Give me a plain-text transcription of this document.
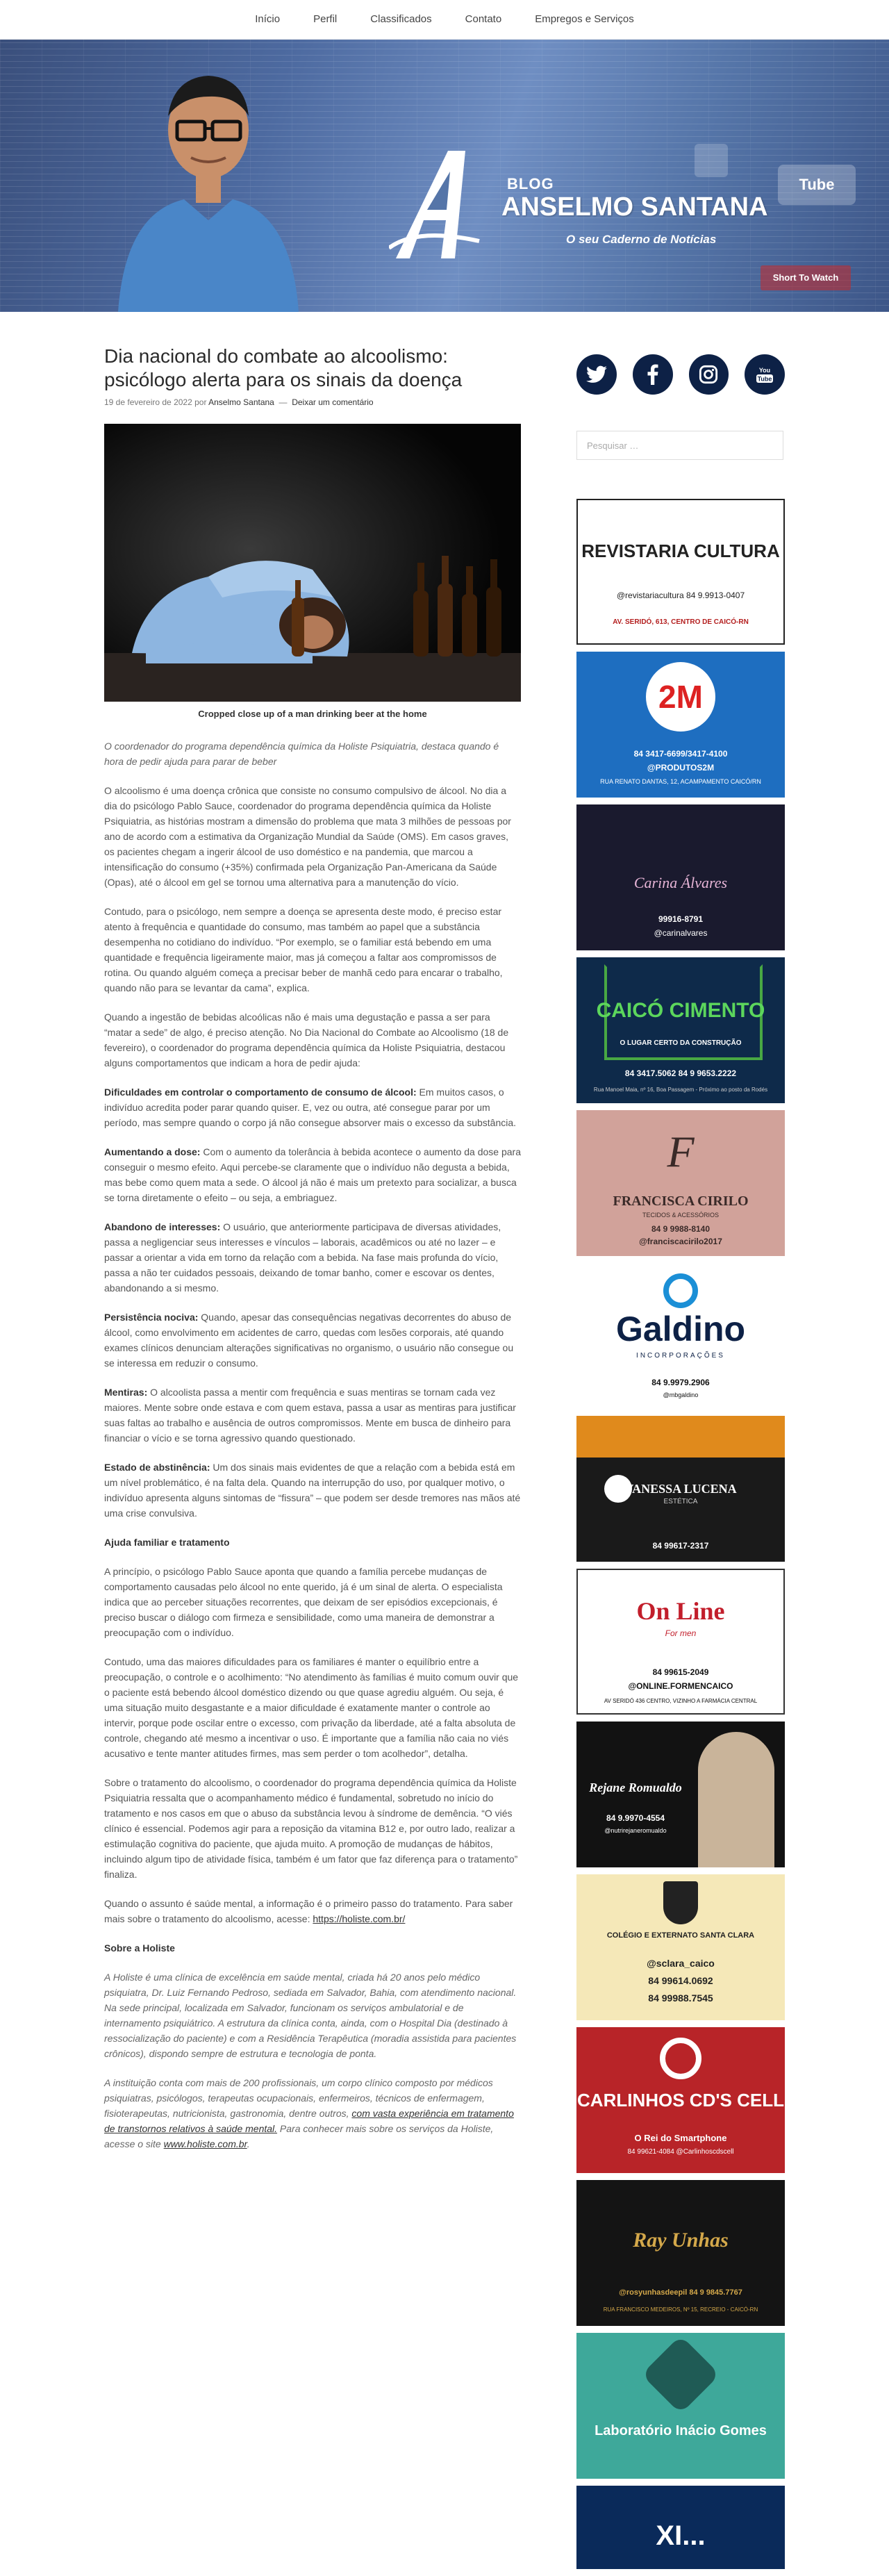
Início	Perfil	Classificados	Contato	Empregos e Serviços
BLOG
ANSELMO SANTANA
O seu Caderno de Notícias
Tube
Short To Watch
Dia nacional do combate ao alcoolismo: psicólogo alerta para os sinais da doença
19 de fevereiro de 2022 por Anselmo Santana — Deixar um comentário
Cropped close up of a man drinking beer at the home

O coordenador do programa dependência química da Holiste Psiquiatria, destaca quando é hora de pedir ajuda para parar de beber

O alcoolismo é uma doença crônica que consiste no consumo compulsivo de álcool. No dia a dia do psicólogo Pablo Sauce, coordenador do programa dependência química da Holiste Psiquiatria, as histórias mostram a dimensão do problema que mata 3 milhões de pessoas por ano de acordo com a estimativa da Organização Mundial da Saúde (OMS). Em casos graves, os pacientes chegam a ingerir álcool de uso doméstico e na pandemia, que marcou a intensificação do consumo (+35%) confirmada pela Organização Pan-Americana da Saúde (Opas), até o álcool em gel se tornou uma alternativa para a manutenção do vício.

Contudo, para o psicólogo, nem sempre a doença se apresenta deste modo, é preciso estar atento à frequência e quantidade do consumo, mas também ao papel que a substância desempenha no cotidiano do indivíduo. “Por exemplo, se o familiar está bebendo em uma quantidade e frequência ligeiramente maior, mas já começou a faltar aos compromissos de rotina. Ou quando alguém começa a precisar beber de manhã cedo para encarar o trabalho, quando não para se levantar da cama”, explica.

Quando a ingestão de bebidas alcoólicas não é mais uma degustação e passa a ser para “matar a sede” de algo, é preciso atenção. No Dia Nacional do Combate ao Alcoolismo (18 de fevereiro), o coordenador do programa dependência química da Holiste Psiquiatria, destacou alguns comportamentos que indicam a hora de pedir ajuda:

Dificuldades em controlar o comportamento de consumo de álcool: Em muitos casos, o indivíduo acredita poder parar quando quiser. E, vez ou outra, até consegue parar por um período, mas sempre quando o corpo já não consegue absorver mais o excesso da substância.

Aumentando a dose: Com o aumento da tolerância à bebida acontece o aumento da dose para conseguir o mesmo efeito. Aqui percebe-se claramente que o indivíduo não degusta a bebida, mas bebe como quem mata a sede. O álcool já não é mais um pretexto para socializar, a busca se torna diretamente o efeito – ou seja, a embriaguez.

Abandono de interesses: O usuário, que anteriormente participava de diversas atividades, passa a negligenciar seus interesses e vínculos – laborais, acadêmicos ou até no lazer – e passar a orientar a vida em torno da relação com a bebida. Na fase mais profunda do vício, passa a não ter cuidados pessoais, deixando de tomar banho, comer e escovar os dentes, abandonando a si mesmo.

Persistência nociva: Quando, apesar das consequências negativas decorrentes do abuso de álcool, como envolvimento em acidentes de carro, quedas com lesões corporais, até quando exames clínicos denunciam alterações significativas no organismo, o usuário não consegue ou se interessa em reduzir o consumo.

Mentiras: O alcoolista passa a mentir com frequência e suas mentiras se tornam cada vez maiores. Mente sobre onde estava e com quem estava, passa a usar as mentiras para justificar suas faltas ao trabalho e ausência de outros compromissos. Mente em busca de dinheiro para financiar o vício e se torna agressivo quando questionado.

Estado de abstinência: Um dos sinais mais evidentes de que a relação com a bebida está em um nível problemático, é na falta dela. Quando na interrupção do uso, por qualquer motivo, o indivíduo apresenta alguns sintomas de “fissura” – que podem ser desde tremores nas mãos até uma crise convulsiva.

Ajuda familiar e tratamento

A princípio, o psicólogo Pablo Sauce aponta que quando a família percebe mudanças de comportamento causadas pelo álcool no ente querido, já é um sinal de alerta. O especialista indica que ao perceber situações recorrentes, que deixam de ser episódios excepcionais, é preciso buscar o diálogo com firmeza e sensibilidade, como uma maneira de demonstrar a preocupação com o indivíduo.

Contudo, uma das maiores dificuldades para os familiares é manter o equilíbrio entre a preocupação, o controle e o acolhimento: “No atendimento às famílias é muito comum ouvir que o paciente está bebendo álcool doméstico dizendo ou que quase agrediu alguém. Ou seja, é uma situação muito desgastante e a maior dificuldade é exatamente manter o controle ao intervir, porque pode oscilar entre o excesso, com privação da liberdade, até a falta absoluta de controle, chegando até mesmo a incentivar o uso. É importante que a família não caia no viés acusativo e tente manter atitudes firmes, mas sem perder o tom acolhedor”, detalha.

Sobre o tratamento do alcoolismo, o coordenador do programa dependência química da Holiste Psiquiatria ressalta que o acompanhamento médico é fundamental, sobretudo no início do tratamento e nos casos em que o abuso da substância levou à síndrome de demência. “O viés clínico é essencial. Podemos agir para a reposição da vitamina B12 e, por outro lado, realizar a estimulação cognitiva do paciente, que ajuda muito. A promoção de mudanças de hábitos, incluindo algum tipo de atividade física, também é um fator que faz diferença para o tratamento” finaliza.

Quando o assunto é saúde mental, a informação é o primeiro passo do tratamento. Para saber mais sobre o tratamento do alcoolismo, acesse: https://holiste.com.br/

Sobre a Holiste

A Holiste é uma clínica de excelência em saúde mental, criada há 20 anos pelo médico psiquiatra, Dr. Luiz Fernando Pedroso, sediada em Salvador, Bahia, com atendimento nacional. Na sede principal, localizada em Salvador, funcionam os serviços ambulatorial e de internamento psiquiátrico. A estrutura da clínica conta, ainda, com o Hospital Dia (destinado à ressocialização do paciente) e com a Residência Terapêutica (moradia assistida para pacientes crônicos), dispondo sempre de estrutura e tecnologia de ponta.

A instituição conta com mais de 200 profissionais, um corpo clínico composto por médicos psiquiatras, psicólogos, terapeutas ocupacionais, enfermeiros, técnicos de enfermagem, fisioterapeutas, nutricionista, gastronomia, dentre outros, com vasta experiência em tratamento de transtornos relativos à saúde mental. Para conhecer mais sobre os serviços da Holiste, acesse o site www.holiste.com.br.

You
Tube
Pesquisar …
REVISTARIA CULTURA
@revistariacultura 84 9.9913-0407
AV. SERIDÓ, 613, CENTRO DE CAICÓ-RN
2M
84 3417-6699/3417-4100
@PRODUTOS2M
RUA RENATO DANTAS, 12, ACAMPAMENTO CAICÓ/RN
Carina Álvares
99916-8791
@carinalvares
CAICÓ CIMENTO
O LUGAR CERTO DA CONSTRUÇÃO
84 3417.5062 84 9 9653.2222
Rua Manoel Maia, nº 16, Boa Passagem - Próximo ao posto da Rodés
F
FRANCISCA CIRILO
TECIDOS & ACESSÓRIOS
84 9 9988-8140
@franciscacirilo2017
Galdino
INCORPORAÇÕES
84 9.9979.2906
@mbgaldino
VANESSA LUCENA
ESTÉTICA
84 99617-2317
On Line
For men
84 99615-2049
@ONLINE.FORMENCAICO
AV SERIDÓ 436 CENTRO, VIZINHO A FARMÁCIA CENTRAL
Rejane Romualdo
84 9.9970-4554
@nutrirejaneromualdo
COLÉGIO E EXTERNATO SANTA CLARA
@sclara_caico
84 99614.0692
84 99988.7545
CARLINHOS CD'S CELL
O Rei do Smartphone
84 99621-4084 @Carlinhoscdscell
Ray Unhas
@rosyunhasdeepil 84 9 9845.7767
RUA FRANCISCO MEDEIROS, Nº 15, RECREIO - CAICÓ-RN
Laboratório Inácio Gomes
XI...
